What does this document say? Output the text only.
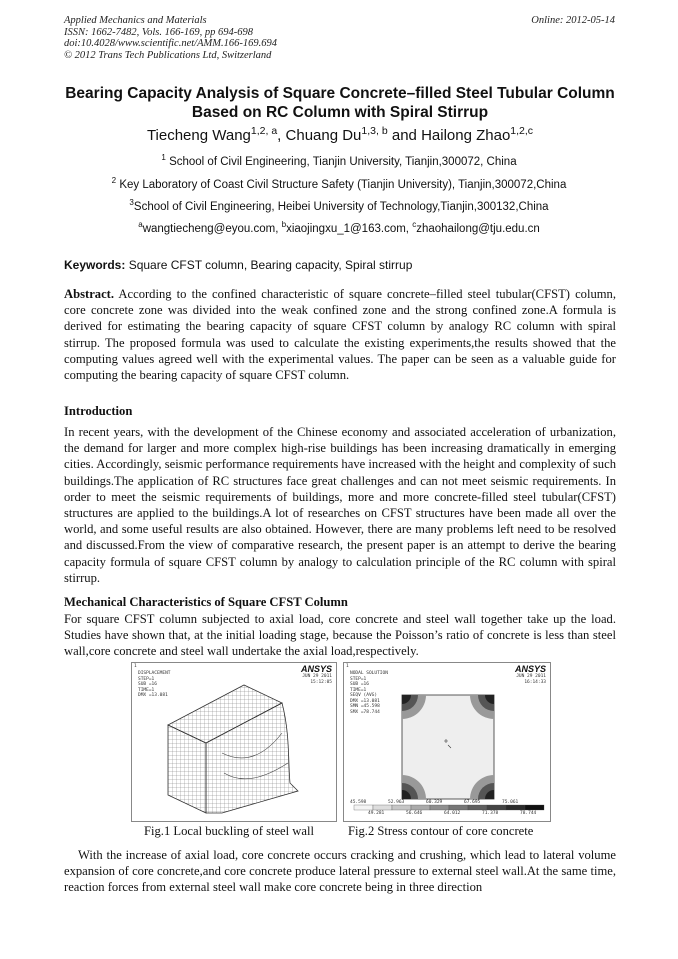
Applied Mechanics and Materials
ISSN: 1662-7482, Vols. 166-169, pp 694-698
doi:10.4028/www.scientific.net/AMM.166-169.694
© 2012 Trans Tech Publications Ltd, Switzerland
Online: 2012-05-14
Bearing Capacity Analysis of Square Concrete–filled Steel Tubular Column Based on RC Column with Spiral Stirrup
Tiecheng Wang$^{1,2, a}$, Chuang Du$^{1,3, b}$ and Hailong Zhao$^{1,2,c}$
$^1$ School of Civil Engineering, Tianjin University, Tianjin,300072, China
$^2$ Key Laboratory of Coast Civil Structure Safety (Tianjin University), Tianjin,300072,China
$^3$School of Civil Engineering, Heibei University of Technology,Tianjin,300132,China
$^a$wangtiecheng@eyou.com, $^b$xiaojingxu_1@163.com, $^c$zhaohailong@tju.edu.cn
Keywords: Square CFST column, Bearing capacity, Spiral stirrup
Abstract. According to the confined characteristic of square concrete–filled steel tubular(CFST) column, core concrete zone was divided into the weak confined zone and the strong confined zone.A formula is derived for estimating the bearing capacity of square CFST column by analogy RC column with spiral stirrup. The proposed formula was used to calculate the existing experiments,the results showed that the computing values agreed well with the experimental values. The paper can be seen as a valuable guide for computing the bearing capacity of square CFST column.
Introduction
In recent years, with the development of the Chinese economy and associated acceleration of urbanization, the demand for larger and more complex high-rise buildings has been increasing dramatically in emerging cities. Accordingly, seismic performance requirements have increased with the height and complexity of such buildings.The application of RC structures face great challenges and can not meet seismic requirements. In order to meet the seismic requirements of buildings, more and more concrete-filled steel tubular(CFST) structures are applied to the buildings.A lot of researches on CFST structures have been made all over the world, and some useful results are also obtained. However, there are many problems left need to be resolved and discussed.From the view of comparative research, the present paper is an attempt to derive the bearing capacity formula of square CFST column by analogy to calculation principle of the RC column with spiral stirrup.
Mechanical Characteristics of Square CFST Column
For square CFST column subjected to axial load, core concrete and steel wall together take up the load. Studies have shown that, at the initial loading stage, because the Poisson’s ratio of concrete is less than steel wall,core concrete and steel wall undertake the axial load,respectively.
1
DISPLACEMENT
STEP=1
SUB =16
TIME=1
DMX =13.081
ANSYS
JUN 29 2011
15:12:05
Fig.1 Local buckling of steel wall
1
NODAL SOLUTION
STEP=1
SUB =16
TIME=1
SEQV (AVG)
DMX =13.081
SMN =45.598
SMX =78.744
ANSYS
JUN 29 2011
16:14:33
45.598	52.963	60.329	67.695	75.061
49.281	56.646	64.012	71.378	78.744
Fig.2 Stress contour of core concrete
With the increase of axial load, core concrete occurs cracking and crushing, which lead to lateral volume expansion of core concrete,and core concrete produce lateral pressure to external steel wall.At the same time, reaction forces from external steel wall make core concrete being in three direction
